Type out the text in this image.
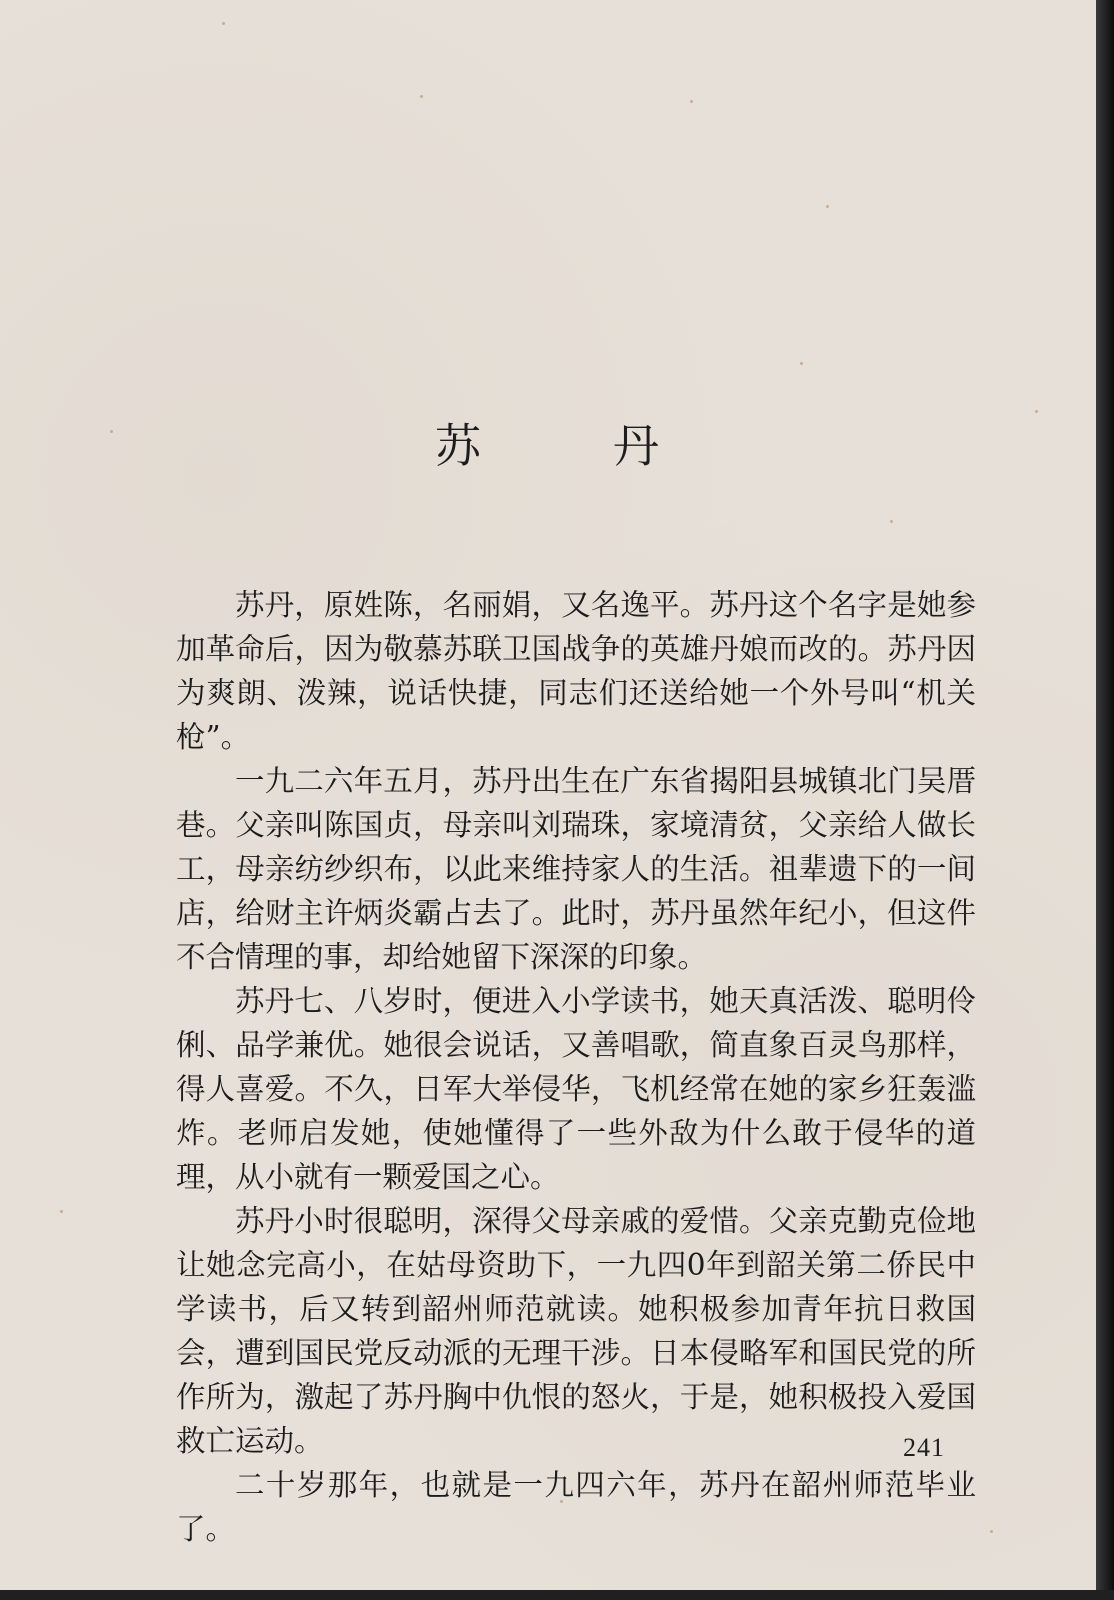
苏	丹

苏丹，原姓陈，名丽娟，又名逸平。苏丹这个名字是她参加革命后，因为敬慕苏联卫国战争的英雄丹娘而改的。苏丹因为爽朗、泼辣，说话快捷，同志们还送给她一个外号叫“机关枪”。

一九二六年五月，苏丹出生在广东省揭阳县城镇北门吴厝巷。父亲叫陈国贞，母亲叫刘瑞珠，家境清贫，父亲给人做长工，母亲纺纱织布，以此来维持家人的生活。祖辈遗下的一间店，给财主许炳炎霸占去了。此时，苏丹虽然年纪小，但这件不合情理的事，却给她留下深深的印象。

苏丹七、八岁时，便进入小学读书，她天真活泼、聪明伶俐、品学兼优。她很会说话，又善唱歌，简直象百灵鸟那样，得人喜爱。不久，日军大举侵华，飞机经常在她的家乡狂轰滥炸。老师启发她，使她懂得了一些外敌为什么敢于侵华的道理，从小就有一颗爱国之心。

苏丹小时很聪明，深得父母亲戚的爱惜。父亲克勤克俭地让她念完高小，在姑母资助下，一九四0年到韶关第二侨民中学读书，后又转到韶州师范就读。她积极参加青年抗日救国会，遭到国民党反动派的无理干涉。日本侵略军和国民党的所作所为，激起了苏丹胸中仇恨的怒火，于是，她积极投入爱国救亡运动。

二十岁那年，也就是一九四六年，苏丹在韶州师范毕业了。

241
